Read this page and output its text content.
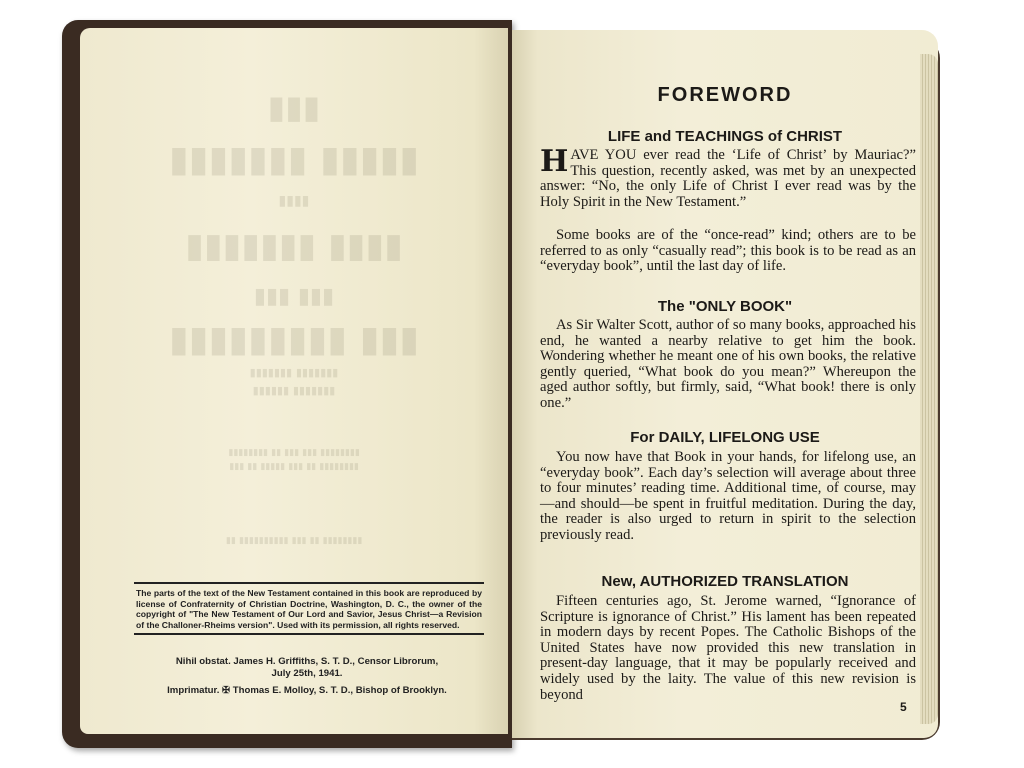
▮▮▮
▮▮▮▮▮ ▮▮▮▮▮▮▮
▮▮▮▮
▮▮▮▮ ▮▮▮▮▮▮▮
▮▮▮ ▮▮▮
▮▮▮ ▮▮▮▮▮▮▮▮▮
▮▮▮▮▮▮▮ ▮▮▮▮▮▮▮
▮▮▮▮▮▮▮ ▮▮▮▮▮▮
▮▮▮▮▮▮▮▮ ▮▮▮ ▮▮▮ ▮▮ ▮▮▮▮▮▮▮▮
▮▮▮▮▮▮▮▮ ▮▮ ▮▮▮ ▮▮▮▮▮ ▮▮ ▮▮▮
▮▮▮▮▮▮▮▮ ▮▮ ▮▮▮ ▮▮▮▮▮▮▮▮▮▮ ▮▮
The parts of the text of the New Testament contained in this book are reproduced by license of Confraternity of Christian Doctrine, Washington, D. C., the owner of the copyright of "The New Testament of Our Lord and Savior, Jesus Christ—a Revision of the Challoner-Rheims version". Used with its permission, all rights reserved.
Nihil obstat. James H. Griffiths, S. T. D., Censor Librorum,
July 25th, 1941.
Imprimatur. ✠ Thomas E. Molloy, S. T. D., Bishop of Brooklyn.
FOREWORD
LIFE and TEACHINGS of CHRIST
HAVE YOU ever read the ‘Life of Christ’ by Mauriac?” This question, recently asked, was met by an unexpected answer: “No, the only Life of Christ I ever read was by the Holy Spirit in the New Testament.”
Some books are of the “once-read” kind; others are to be referred to as only “casually read”; this book is to be read as an “everyday book”, until the last day of life.
The "ONLY BOOK"
As Sir Walter Scott, author of so many books, approached his end, he wanted a nearby relative to get him the book. Wondering whether he meant one of his own books, the relative gently queried, “What book do you mean?” Whereupon the aged author softly, but firmly, said, “What book! there is only one.”
For DAILY, LIFELONG USE
You now have that Book in your hands, for lifelong use, an “everyday book”. Each day’s selection will average about three to four minutes’ reading time. Additional time, of course, may—and should—be spent in fruitful meditation. During the day, the reader is also urged to return in spirit to the selection previously read.
New, AUTHORIZED TRANSLATION
Fifteen centuries ago, St. Jerome warned, “Ignorance of Scripture is ignorance of Christ.” His lament has been repeated in modern days by recent Popes. The Catholic Bishops of the United States have now provided this new translation in present-day language, that it may be popularly received and widely used by the laity. The value of this new revision is beyond
5
